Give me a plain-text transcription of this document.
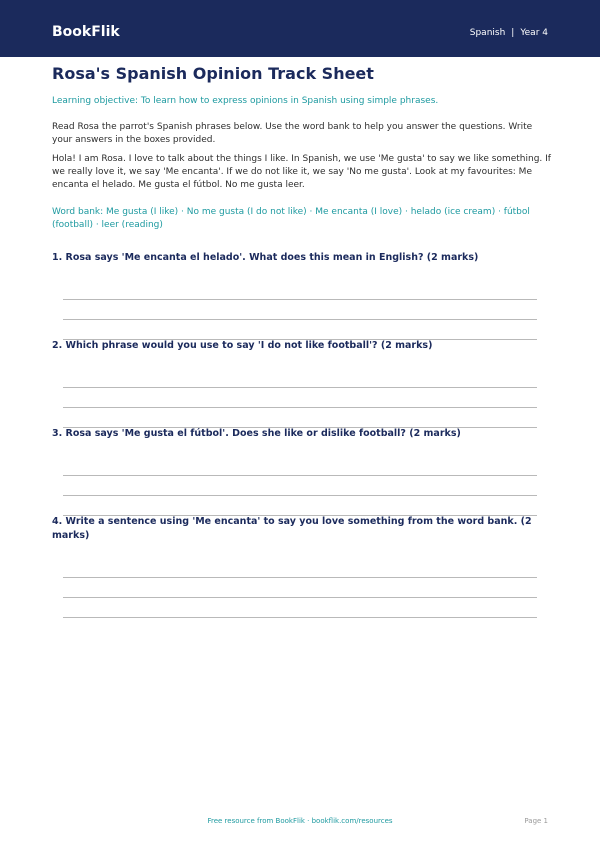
BookFlik	Spanish | Year 4
Rosa's Spanish Opinion Track Sheet

Learning objective: To learn how to express opinions in Spanish using simple phrases.

Read Rosa the parrot's Spanish phrases below. Use the word bank to help you answer the questions. Write your answers in the boxes provided.

Hola! I am Rosa. I love to talk about the things I like. In Spanish, we use 'Me gusta' to say we like something. If we really love it, we say 'Me encanta'. If we do not like it, we say 'No me gusta'. Look at my favourites: Me encanta el helado. Me gusta el fútbol. No me gusta leer.

Word bank: Me gusta (I like) · No me gusta (I do not like) · Me encanta (I love) · helado (ice cream) · fútbol (football) · leer (reading)

1. Rosa says 'Me encanta el helado'. What does this mean in English? (2 marks)

2. Which phrase would you use to say 'I do not like football'? (2 marks)

3. Rosa says 'Me gusta el fútbol'. Does she like or dislike football? (2 marks)

4. Write a sentence using 'Me encanta' to say you love something from the word bank. (2 marks)

Free resource from BookFlik · bookflik.com/resources	Page 1
